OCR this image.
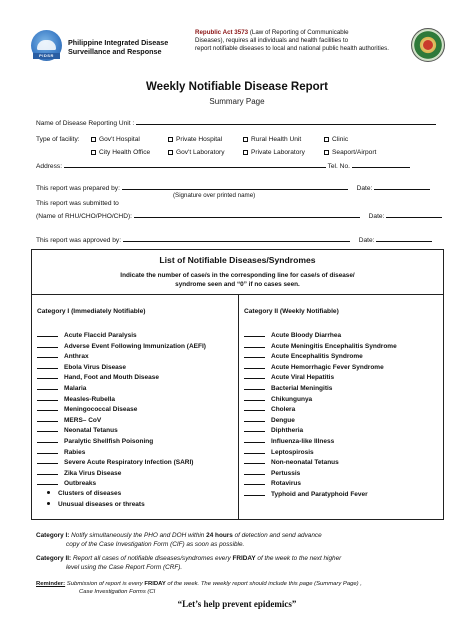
PIDSR
Philippine Integrated Disease
Surveillance and Response
Republic Act 3573 (Law of Reporting of Communicable
Diseases), requires all individuals and health facilities to
report notifiable diseases to local and national public health authorities.
Weekly Notifiable Disease Report
Summary Page
Name of Disease Reporting Unit :
Type of facility:	Gov't Hospital	Private Hospital	Rural Health Unit	Clinic
City Health Office	Gov't Laboratory	Private Laboratory	Seaport/Airport
Address:	Tel. No.
This report was prepared by:	Date:
(Signature over printed name)
This report was submitted to
(Name of RHU/CHO/PHO/CHD):	Date:
This report was approved by:	Date:
List of Notifiable Diseases/Syndromes
Indicate the number of case/s in the corresponding line for case/s of disease/
syndrome seen and “0” if no cases seen.
Category I (Immediately Notifiable)	Category II (Weekly Notifiable)
Acute Flaccid Paralysis
Adverse Event Following Immunization (AEFI)
Anthrax
Ebola Virus Disease
Hand, Foot and Mouth Disease
Malaria
Measles-Rubella
Meningococcal Disease
MERS– CoV
Neonatal Tetanus
Paralytic Shellfish Poisoning
Rabies
Severe Acute Respiratory Infection (SARI)
Zika Virus Disease
Outbreaks
Clusters of diseases
Unusual diseases or threats
Acute Bloody Diarrhea
Acute Meningitis Encephalitis Syndrome
Acute Encephalitis Syndrome
Acute Hemorrhagic Fever Syndrome
Acute Viral Hepatitis
Bacterial Meningitis
Chikungunya
Cholera
Dengue
Diphtheria
Influenza-like Illness
Leptospirosis
Non-neonatal Tetanus
Pertussis
Rotavirus
Typhoid and Paratyphoid Fever
Category I: Notify simultaneously the PHO and DOH within 24 hours of detection and send advance
copy of the Case Investigation Form (CIF) as soon as possible.
Category II: Report all cases of notifiable diseases/syndromes every FRIDAY of the week to the next higher
level using the Case Report Form (CRF).
Reminder: Submission of report is every FRIDAY of the week. The weekly report should include this page (Summary Page) ,
Case Investigation Forms (CI
“Let’s help prevent epidemics”
